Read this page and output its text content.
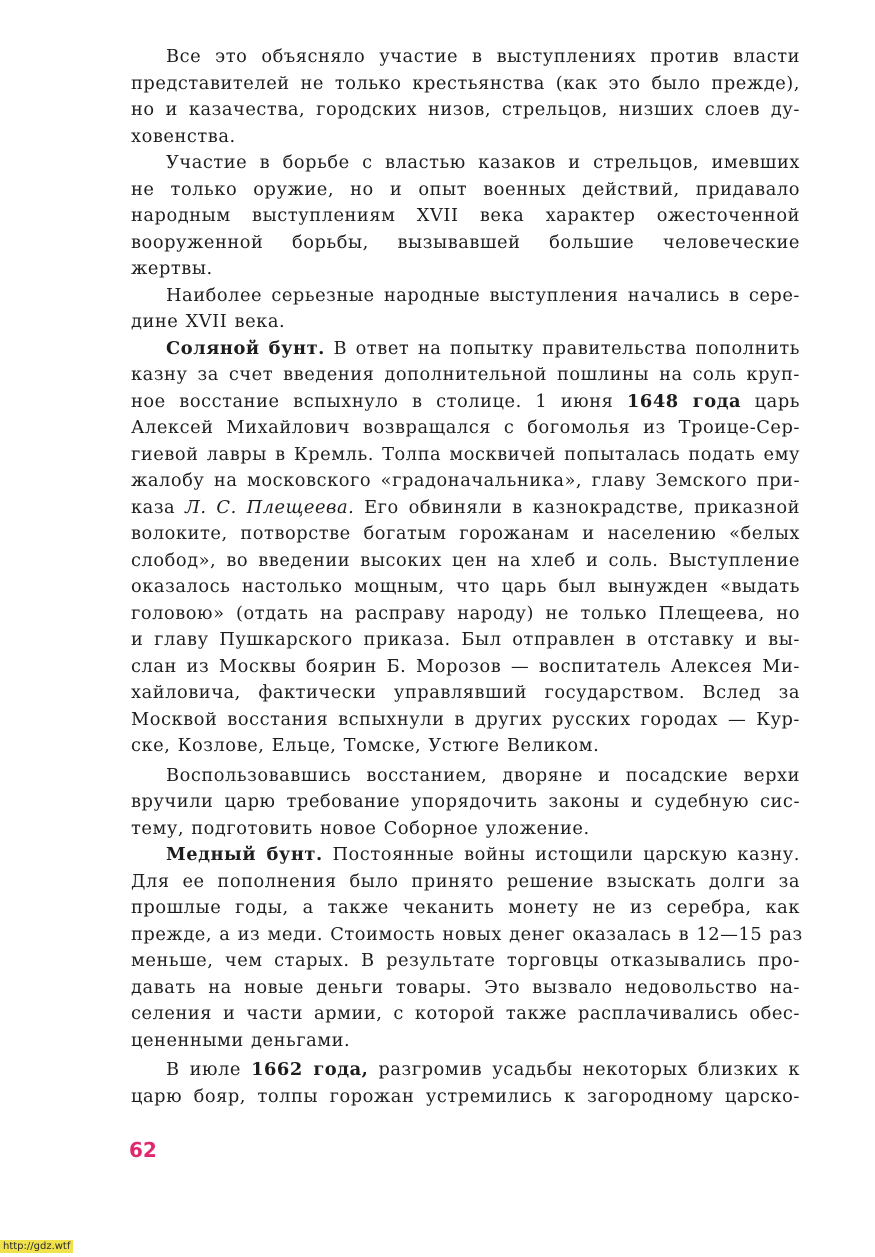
Все это объясняло участие в выступлениях против власти
представителей не только крестьянства (как это было прежде),
но и казачества, городских низов, стрельцов, низших слоев ду-
ховенства.

Участие в борьбе с властью казаков и стрельцов, имевших
не только оружие, но и опыт военных действий, придавало
народным выступлениям XVII века характер ожесточенной
вооруженной борьбы, вызывавшей большие человеческие
жертвы.

Наиболее серьезные народные выступления начались в сере-
дине XVII века.

Соляной бунт. В ответ на попытку правительства пополнить
казну за счет введения дополнительной пошлины на соль круп-
ное восстание вспыхнуло в столице. 1 июня 1648 года царь
Алексей Михайлович возвращался с богомолья из Троице-Сер-
гиевой лавры в Кремль. Толпа москвичей попыталась подать ему
жалобу на московского «градоначальника», главу Земского при-
каза Л. С. Плещеева. Его обвиняли в казнокрадстве, приказной
волоките, потворстве богатым горожанам и населению «белых
слобод», во введении высоких цен на хлеб и соль. Выступление
оказалось настолько мощным, что царь был вынужден «выдать
головою» (отдать на расправу народу) не только Плещеева, но
и главу Пушкарского приказа. Был отправлен в отставку и вы-
слан из Москвы боярин Б. Морозов — воспитатель Алексея Ми-
хайловича, фактически управлявший государством. Вслед за
Москвой восстания вспыхнули в других русских городах — Кур-
ске, Козлове, Ельце, Томске, Устюге Великом.

Воспользовавшись восстанием, дворяне и посадские верхи
вручили царю требование упорядочить законы и судебную сис-
тему, подготовить новое Соборное уложение.

Медный бунт. Постоянные войны истощили царскую казну.
Для ее пополнения было принято решение взыскать долги за
прошлые годы, а также чеканить монету не из серебра, как
прежде, а из меди. Стоимость новых денег оказалась в 12—15 раз
меньше, чем старых. В результате торговцы отказывались про-
давать на новые деньги товары. Это вызвало недовольство на-
селения и части армии, с которой также расплачивались обес-
цененными деньгами.

В июле 1662 года, разгромив усадьбы некоторых близких к
царю бояр, толпы горожан устремились к загородному царско-

62
http://gdz.wtf
